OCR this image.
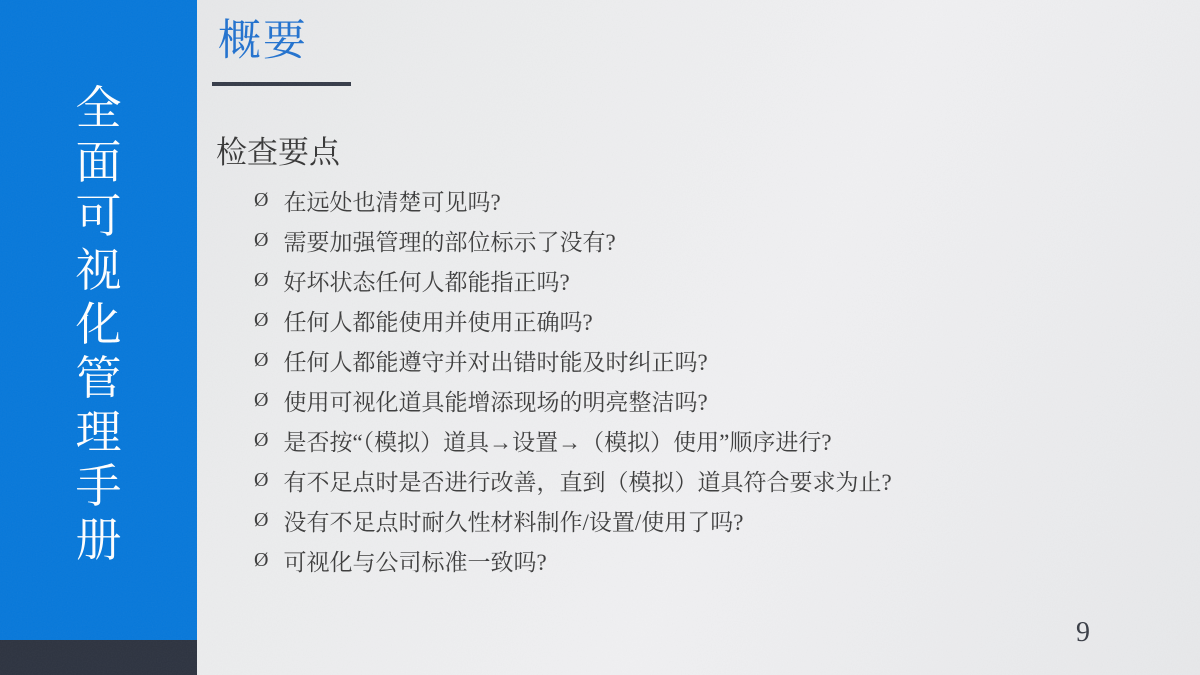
全
面
可
视
化
管
理
手
册
概要
检查要点
Ø 在远处也清楚可见吗?
Ø 需要加强管理的部位标示了没有?
Ø 好坏状态任何人都能指正吗?
Ø 任何人都能使用并使用正确吗?
Ø 任何人都能遵守并对出错时能及时纠正吗?
Ø 使用可视化道具能增添现场的明亮整洁吗?
Ø 是否按“（模拟）道具→设置→（模拟）使用”顺序进行?
Ø 有不足点时是否进行改善，直到（模拟）道具符合要求为止?
Ø 没有不足点时耐久性材料制作/设置/使用了吗?
Ø 可视化与公司标准一致吗?
9
